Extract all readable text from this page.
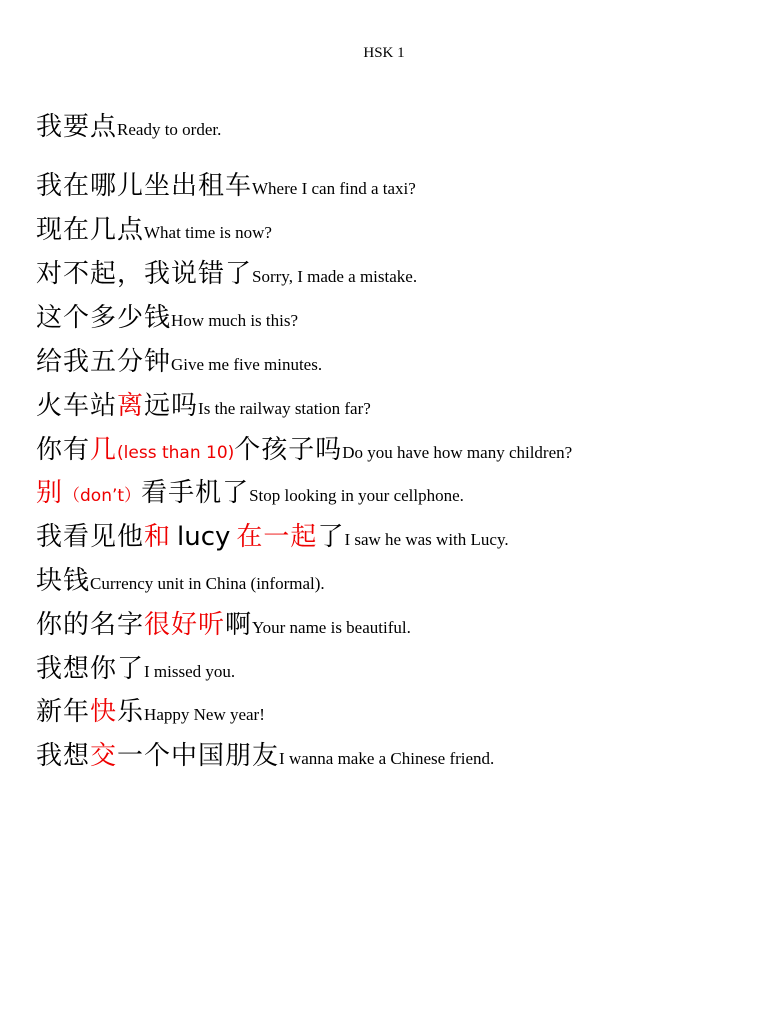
HSK 1
我要点 Ready to order.
我在哪儿坐出租车 Where I can find a taxi?
现在几点 What time is now?
对不起，我说错了 Sorry, I made a mistake.
这个多少钱 How much is this?
给我五分钟 Give me five minutes.
火车站 离 远吗 Is the railway station far?
你有 几 (less than 10) 个孩子吗 Do you have how many children?
别 （don’t） 看手机了 Stop looking in your cellphone.
我看见他 和 lucy 在一起 了 I saw he was with Lucy.
块钱 Currency unit in China (informal).
你的名字 很好听 啊 Your name is beautiful.
我想你了 I missed you.
新年 快 乐 Happy New year!
我想 交 一个中国朋友 I wanna make a Chinese friend.
